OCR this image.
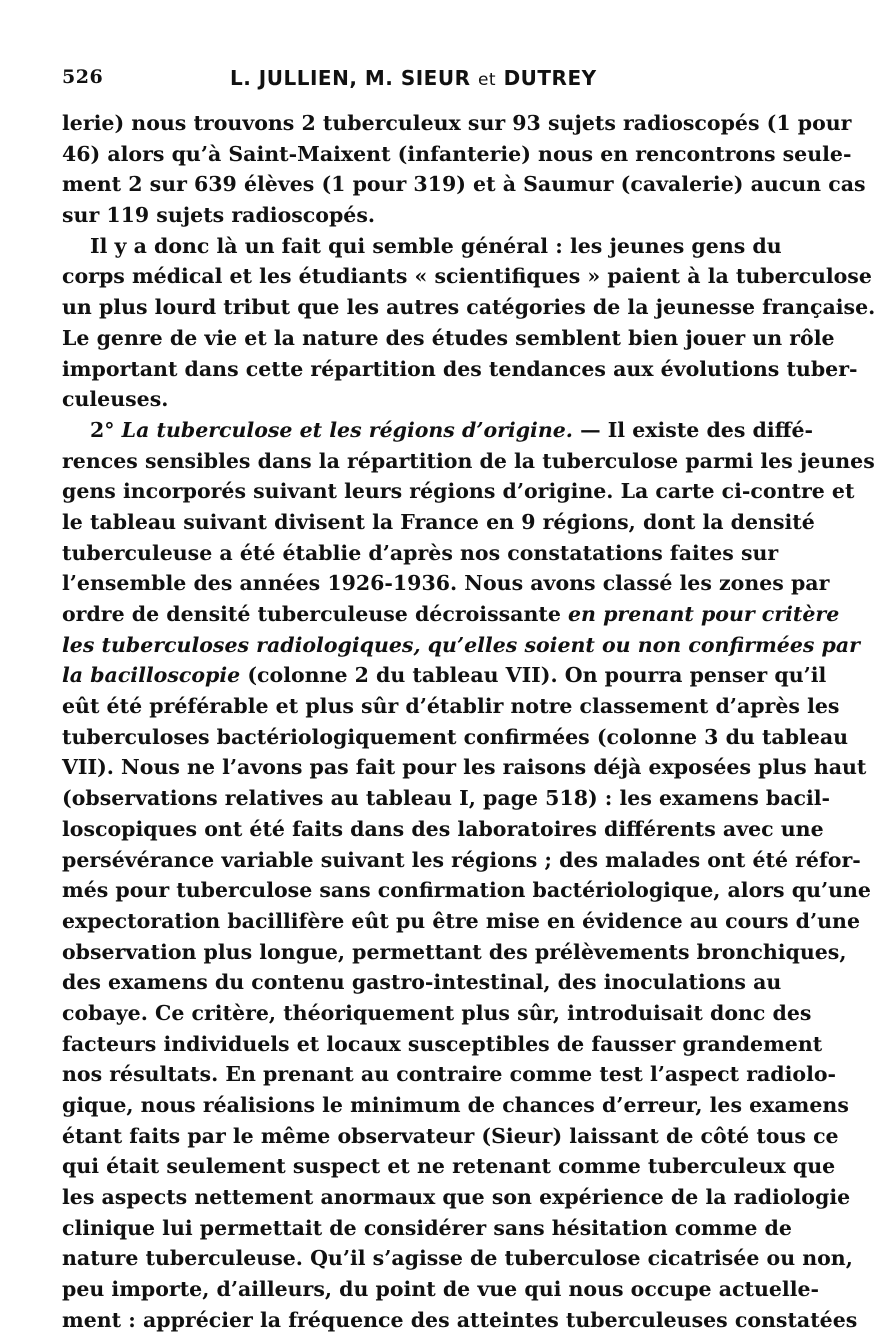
526	L. JULLIEN, M. SIEUR et DUTREY
lerie) nous trouvons 2 tuberculeux sur 93 sujets radioscopés (1 pour
46) alors qu’à Saint-Maixent (infanterie) nous en rencontrons seule-
ment 2 sur 639 élèves (1 pour 319) et à Saumur (cavalerie) aucun cas
sur 119 sujets radioscopés.
Il y a donc là un fait qui semble général : les jeunes gens du
corps médical et les étudiants « scientifiques » paient à la tuberculose
un plus lourd tribut que les autres catégories de la jeunesse française.
Le genre de vie et la nature des études semblent bien jouer un rôle
important dans cette répartition des tendances aux évolutions tuber-
culeuses.
2° La tuberculose et les régions d’origine. — Il existe des diffé-
rences sensibles dans la répartition de la tuberculose parmi les jeunes
gens incorporés suivant leurs régions d’origine. La carte ci-contre et
le tableau suivant divisent la France en 9 régions, dont la densité
tuberculeuse a été établie d’après nos constatations faites sur
l’ensemble des années 1926-1936. Nous avons classé les zones par
ordre de densité tuberculeuse décroissante en prenant pour critère
les tuberculoses radiologiques, qu’elles soient ou non confirmées par
la bacilloscopie (colonne 2 du tableau VII). On pourra penser qu’il
eût été préférable et plus sûr d’établir notre classement d’après les
tuberculoses bactériologiquement confirmées (colonne 3 du tableau
VII). Nous ne l’avons pas fait pour les raisons déjà exposées plus haut
(observations relatives au tableau I, page 518) : les examens bacil-
loscopiques ont été faits dans des laboratoires différents avec une
persévérance variable suivant les régions ; des malades ont été réfor-
més pour tuberculose sans confirmation bactériologique, alors qu’une
expectoration bacillifère eût pu être mise en évidence au cours d’une
observation plus longue, permettant des prélèvements bronchiques,
des examens du contenu gastro-intestinal, des inoculations au
cobaye. Ce critère, théoriquement plus sûr, introduisait donc des
facteurs individuels et locaux susceptibles de fausser grandement
nos résultats. En prenant au contraire comme test l’aspect radiolo-
gique, nous réalisions le minimum de chances d’erreur, les examens
étant faits par le même observateur (Sieur) laissant de côté tous ce
qui était seulement suspect et ne retenant comme tuberculeux que
les aspects nettement anormaux que son expérience de la radiologie
clinique lui permettait de considérer sans hésitation comme de
nature tuberculeuse. Qu’il s’agisse de tuberculose cicatrisée ou non,
peu importe, d’ailleurs, du point de vue qui nous occupe actuelle-
ment : apprécier la fréquence des atteintes tuberculeuses constatées
